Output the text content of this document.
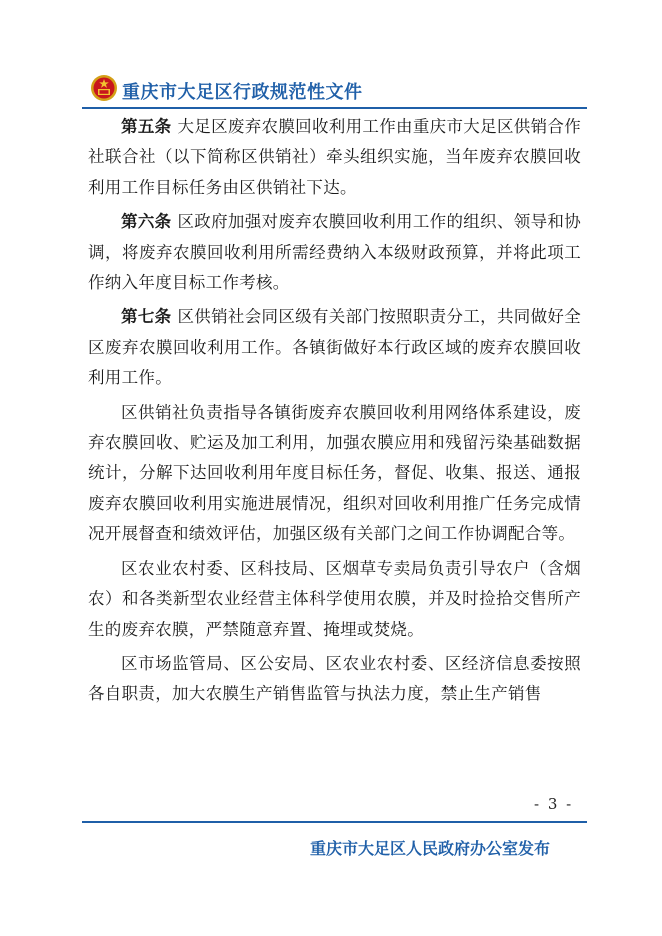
重庆市大足区行政规范性文件

第五条 大足区废弃农膜回收利用工作由重庆市大足区供销合作社联合社（以下简称区供销社）牵头组织实施，当年废弃农膜回收利用工作目标任务由区供销社下达。

第六条 区政府加强对废弃农膜回收利用工作的组织、领导和协调，将废弃农膜回收利用所需经费纳入本级财政预算，并将此项工作纳入年度目标工作考核。

第七条 区供销社会同区级有关部门按照职责分工，共同做好全区废弃农膜回收利用工作。各镇街做好本行政区域的废弃农膜回收利用工作。

区供销社负责指导各镇街废弃农膜回收利用网络体系建设，废弃农膜回收、贮运及加工利用，加强农膜应用和残留污染基础数据统计，分解下达回收利用年度目标任务，督促、收集、报送、通报废弃农膜回收利用实施进展情况，组织对回收利用推广任务完成情况开展督查和绩效评估，加强区级有关部门之间工作协调配合等。

区农业农村委、区科技局、区烟草专卖局负责引导农户（含烟农）和各类新型农业经营主体科学使用农膜，并及时捡拾交售所产生的废弃农膜，严禁随意弃置、掩埋或焚烧。

区市场监管局、区公安局、区农业农村委、区经济信息委按照各自职责，加大农膜生产销售监管与执法力度，禁止生产销售

- 3 -
重庆市大足区人民政府办公室发布
